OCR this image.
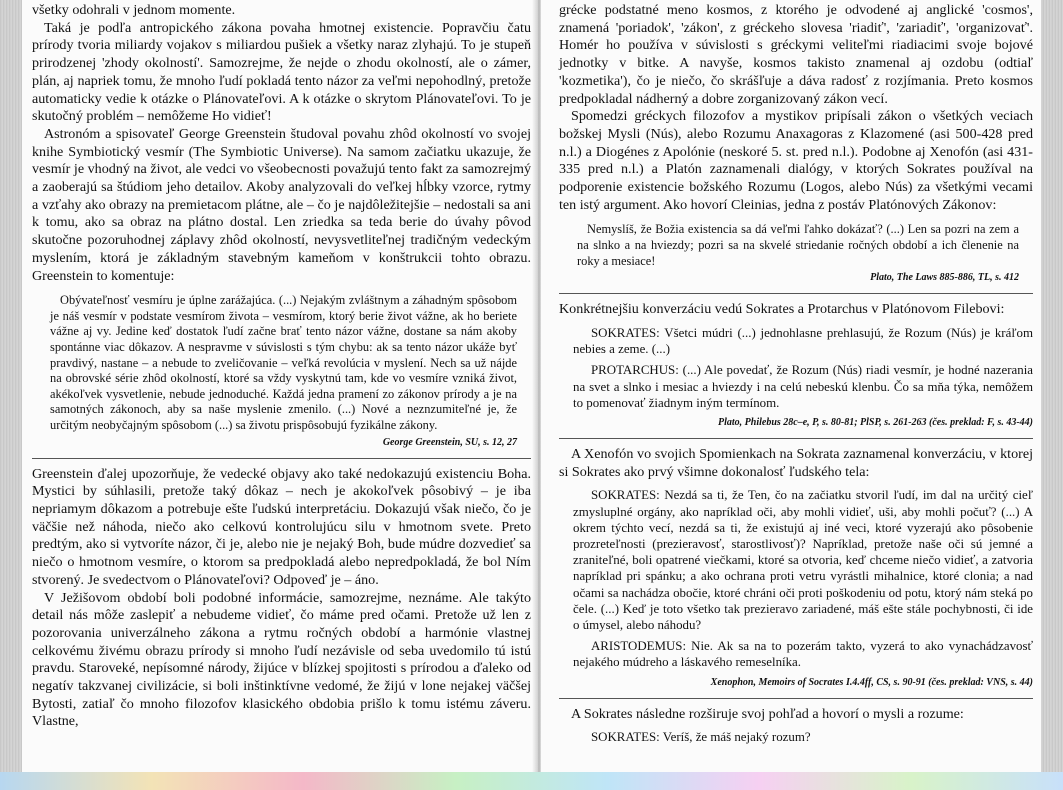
všetky odohrali v jednom momente.

Taká je podľa antropického zákona povaha hmotnej existencie. Popravčiu čatu prírody tvoria miliardy vojakov s miliardou pušiek a všetky naraz zlyhajú. To je stupeň prirodzenej 'zhody okolností'. Samozrejme, že nejde o zhodu okolností, ale o zámer, plán, aj napriek tomu, že mnoho ľudí pokladá tento názor za veľmi nepohodlný, pretože automaticky vedie k otázke o Plánovateľovi. A k otázke o skrytom Plánovateľovi. To je skutočný problém – nemôžeme Ho vidieť!

Astronóm a spisovateľ George Greenstein študoval povahu zhôd okolností vo svojej knihe Symbiotický vesmír (The Symbiotic Universe). Na samom začiatku ukazuje, že vesmír je vhodný na život, ale vedci vo všeobecnosti považujú tento fakt za samozrejmý a zaoberajú sa štúdiom jeho detailov. Akoby analyzovali do veľkej hĺbky vzorce, rytmy a vzťahy ako obrazy na premietacom plátne, ale – čo je najdôležitejšie – nedostali sa ani k tomu, ako sa obraz na plátno dostal. Len zriedka sa teda berie do úvahy pôvod skutočne pozoruhodnej záplavy zhôd okolností, nevysvetliteľnej tradičným vedeckým myslením, ktorá je základným stavebným kameňom v konštrukcii tohto obrazu. Greenstein to komentuje:

Obývateľnosť vesmíru je úplne zarážajúca. (...) Nejakým zvláštnym a záhadným spôsobom je náš vesmír v podstate vesmírom života – vesmírom, ktorý berie život vážne, ak ho beriete vážne aj vy. Jedine keď dostatok ľudí začne brať tento názor vážne, dostane sa nám akoby spontánne viac dôkazov. A nespravme v súvislosti s tým chybu: ak sa tento názor ukáže byť pravdivý, nastane – a nebude to zveličovanie – veľká revolúcia v myslení. Nech sa už nájde na obrovské série zhôd okolností, ktoré sa vždy vyskytnú tam, kde vo vesmíre vzniká život, akékoľvek vysvetlenie, nebude jednoduché. Každá jedna pramení zo zákonov prírody a je na samotných zákonoch, aby sa naše myslenie zmenilo. (...) Nové a neznzumiteľné je, že určitým neobyčajným spôsobom (...) sa životu prispôsobujú fyzikálne zákony.

George Greenstein, SU, s. 12, 27

Greenstein ďalej upozorňuje, že vedecké objavy ako také nedokazujú existenciu Boha. Mystici by súhlasili, pretože taký dôkaz – nech je akokoľvek pôsobivý – je iba nepriamym dôkazom a potrebuje ešte ľudskú interpretáciu. Dokazujú však niečo, čo je väčšie než náhoda, niečo ako celkovú kontrolujúcu silu v hmotnom svete. Preto predtým, ako si vytvoríte názor, či je, alebo nie je nejaký Boh, bude múdre dozvedieť sa niečo o hmotnom vesmíre, o ktorom sa predpokladá alebo nepredpokladá, že bol Ním stvorený. Je svedectvom o Plánovateľovi? Odpoveď je – áno.

V Ježišovom období boli podobné informácie, samozrejme, neznáme. Ale takýto detail nás môže zaslepiť a nebudeme vidieť, čo máme pred očami. Pretože už len z pozorovania univerzálneho zákona a rytmu ročných období a harmónie vlastnej celkovému živému obrazu prírody si mnoho ľudí nezávisle od seba uvedomilo tú istú pravdu. Staroveké, nepísomné národy, žijúce v blízkej spojitosti s prírodou a ďaleko od negatív takzvanej civilizácie, si boli inštinktívne vedomé, že žijú v lone nejakej väčšej Bytosti, zatiaľ čo mnoho filozofov klasického obdobia prišlo k tomu istému záveru. Vlastne,

grécke podstatné meno kosmos, z ktorého je odvodené aj anglické 'cosmos', znamená 'poriadok', 'zákon', z gréckeho slovesa 'riadiť', 'zariadiť', 'organizovať'. Homér ho používa v súvislosti s gréckymi veliteľmi riadiacimi svoje bojové jednotky v bitke. A navyše, kosmos takisto znamenal aj ozdobu (odtiaľ 'kozmetika'), čo je niečo, čo skrášľuje a dáva radosť z rozjímania. Preto kosmos predpokladal nádherný a dobre zorganizovaný zákon vecí.

Spomedzi gréckych filozofov a mystikov pripísali zákon o všetkých veciach božskej Mysli (Nús), alebo Rozumu Anaxagoras z Klazomené (asi 500-428 pred n.l.) a Diogénes z Apolónie (neskoré 5. st. pred n.l.). Podobne aj Xenofón (asi 431-335 pred n.l.) a Platón zaznamenali dialógy, v ktorých Sokrates používal na podporenie existencie božského Rozumu (Logos, alebo Nús) za všetkými vecami ten istý argument. Ako hovorí Cleinias, jedna z postáv Platónových Zákonov:

Nemyslíš, že Božia existencia sa dá veľmi ľahko dokázať? (...) Len sa pozri na zem a na slnko a na hviezdy; pozri sa na skvelé striedanie ročných období a ich členenie na roky a mesiace!

Plato, The Laws 885-886, TL, s. 412

Konkrétnejšiu konverzáciu vedú Sokrates a Protarchus v Platónovom Filebovi:

SOKRATES: Všetci múdri (...) jednohlasne prehlasujú, že Rozum (Nús) je kráľom nebies a zeme. (...)

PROTARCHUS: (...) Ale povedať, že Rozum (Nús) riadi vesmír, je hodné nazerania na svet a slnko i mesiac a hviezdy i na celú nebeskú klenbu. Čo sa mňa týka, nemôžem to pomenovať žiadnym iným termínom.

Plato, Philebus 28c–e, P, s. 80-81; PlSP, s. 261-263 (čes. preklad: F, s. 43-44)

A Xenofón vo svojich Spomienkach na Sokrata zaznamenal konverzáciu, v ktorej si Sokrates ako prvý všimne dokonalosť ľudského tela:

SOKRATES: Nezdá sa ti, že Ten, čo na začiatku stvoril ľudí, im dal na určitý cieľ zmysluplné orgány, ako napríklad oči, aby mohli vidieť, uši, aby mohli počuť? (...) A okrem týchto vecí, nezdá sa ti, že existujú aj iné veci, ktoré vyzerajú ako pôsobenie prozreteľnosti (prezieravosť, starostlivosť)? Napríklad, pretože naše oči sú jemné a zraniteľné, boli opatrené viečkami, ktoré sa otvoria, keď chceme niečo vidieť, a zatvoria napríklad pri spánku; a ako ochrana proti vetru vyrástli mihalnice, ktoré clonia; a nad očami sa nachádza obočie, ktoré chráni oči proti poškodeniu od potu, ktorý nám steká po čele. (...) Keď je toto všetko tak prezieravo zariadené, máš ešte stále pochybnosti, či ide o úmysel, alebo náhodu?

ARISTODEMUS: Nie. Ak sa na to pozerám takto, vyzerá to ako vynachádzavosť nejakého múdreho a láskavého remeselníka.

Xenophon, Memoirs of Socrates I.4.4ff, CS, s. 90-91 (čes. preklad: VNS, s. 44)

A Sokrates následne rozširuje svoj pohľad a hovorí o mysli a rozume:

SOKRATES: Veríš, že máš nejaký rozum?
